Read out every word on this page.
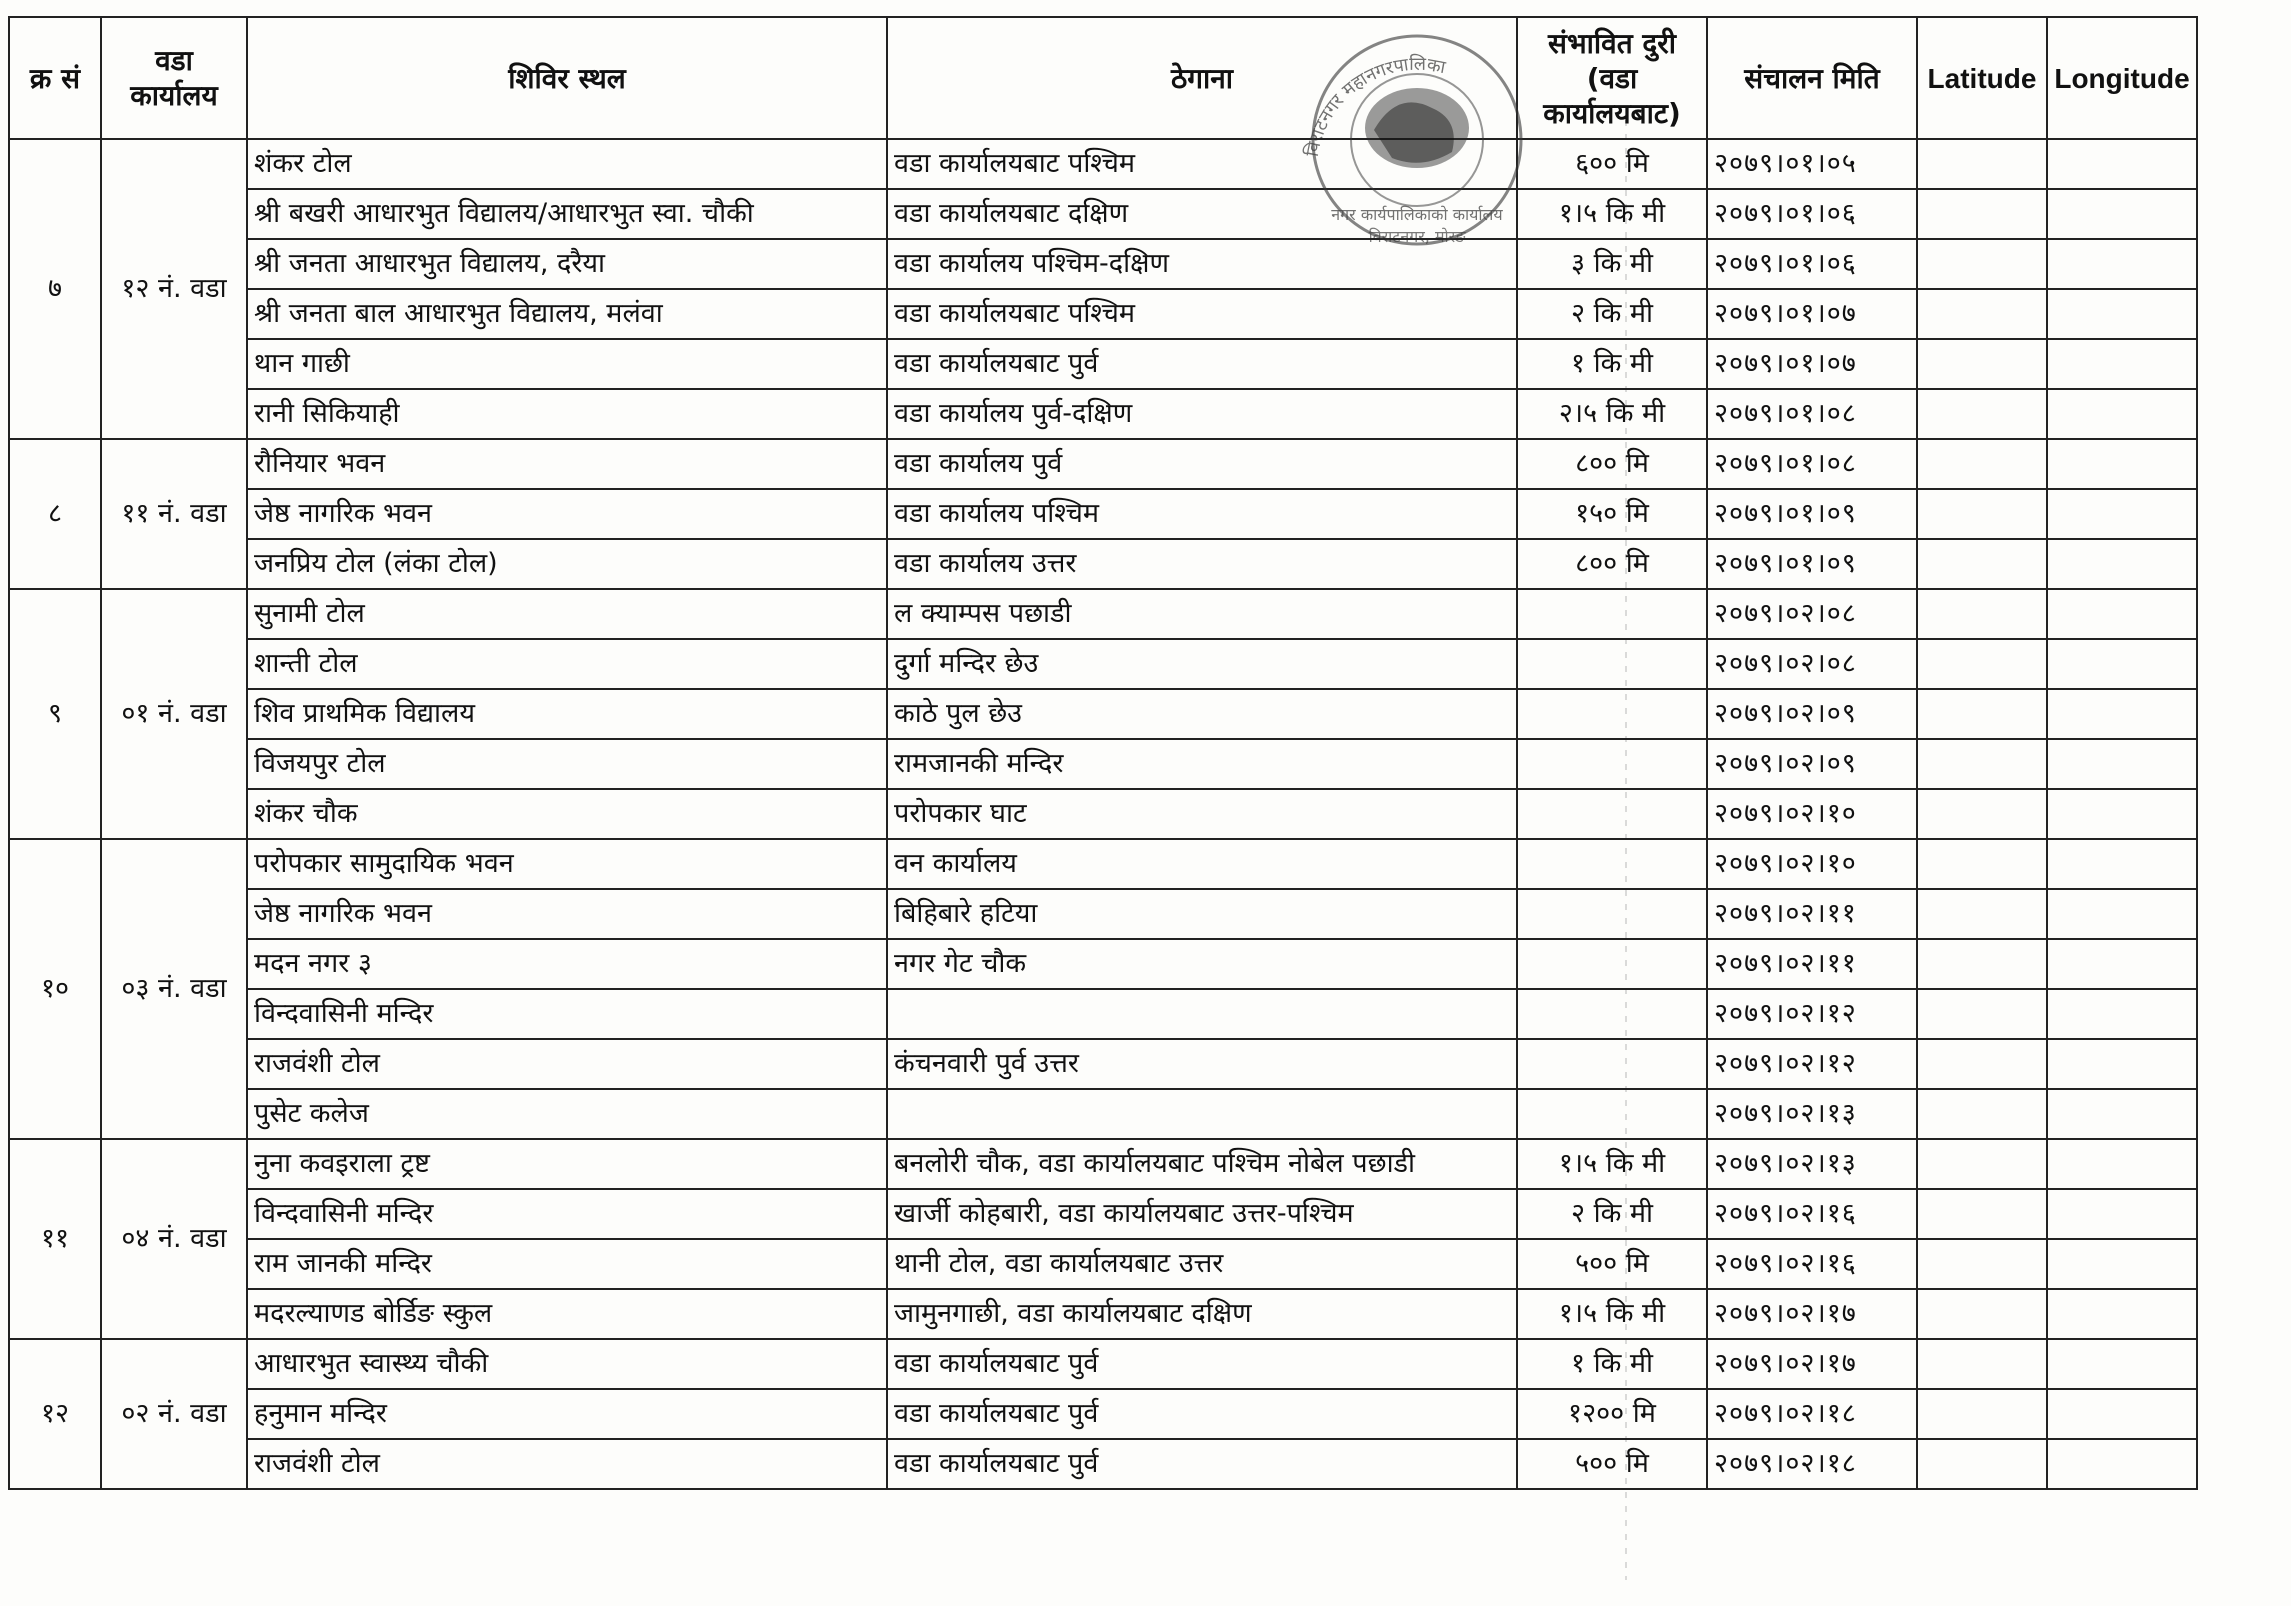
क्र सं	वडा कार्यालय	शिविर स्थल	ठेगाना	संभावित दुरी (वडा कार्यालयबाट)	संचालन मिति	Latitude	Longitude
७	१२ नं. वडा	शंकर टोल	वडा कार्यालयबाट पश्चिम	६०० मि	२०७९।०१।०५		
		श्री बखरी आधारभुत विद्यालय/आधारभुत स्वा. चौकी	वडा कार्यालयबाट दक्षिण	१।५ कि मी	२०७९।०१।०६		
		श्री जनता आधारभुत विद्यालय, दरैया	वडा कार्यालय पश्चिम-दक्षिण	३ कि मी	२०७९।०१।०६		
		श्री जनता बाल आधारभुत विद्यालय, मलंवा	वडा कार्यालयबाट पश्चिम	२ कि मी	२०७९।०१।०७		
		थान गाछी	वडा कार्यालयबाट पुर्व	१ कि मी	२०७९।०१।०७		
		रानी सिकियाही	वडा कार्यालय पुर्व-दक्षिण	२।५ कि मी	२०७९।०१।०८		
८	११ नं. वडा	रौनियार भवन	वडा कार्यालय पुर्व	८०० मि	२०७९।०१।०८		
		जेष्ठ नागरिक भवन	वडा कार्यालय पश्चिम	१५० मि	२०७९।०१।०९		
		जनप्रिय टोल (लंका टोल)	वडा कार्यालय उत्तर	८०० मि	२०७९।०१।०९		
९	०१ नं. वडा	सुनामी टोल	ल क्याम्पस पछाडी		२०७९।०२।०८		
		शान्ती टोल	दुर्गा मन्दिर छेउ		२०७९।०२।०८		
		शिव प्राथमिक विद्यालय	काठे पुल छेउ		२०७९।०२।०९		
		विजयपुर टोल	रामजानकी मन्दिर		२०७९।०२।०९		
		शंकर चौक	परोपकार घाट		२०७९।०२।१०		
१०	०३ नं. वडा	परोपकार सामुदायिक भवन	वन कार्यालय		२०७९।०२।१०		
		जेष्ठ नागरिक भवन	बिहिबारे हटिया		२०७९।०२।११		
		मदन नगर ३	नगर गेट चौक		२०७९।०२।११		
		विन्दवासिनी मन्दिर			२०७९।०२।१२		
		राजवंशी टोल	कंचनवारी पुर्व उत्तर		२०७९।०२।१२		
		पुसेट कलेज			२०७९।०२।१३		
११	०४ नं. वडा	नुना कवइराला ट्रष्ट	बनलोरी चौक, वडा कार्यालयबाट पश्चिम नोबेल पछाडी	१।५ कि मी	२०७९।०२।१३		
		विन्दवासिनी मन्दिर	खार्जी कोहबारी, वडा कार्यालयबाट उत्तर-पश्चिम	२ कि मी	२०७९।०२।१६		
		राम जानकी मन्दिर	थानी टोल, वडा कार्यालयबाट उत्तर	५०० मि	२०७९।०२।१६		
		मदरल्याणड बोर्डिङ स्कुल	जामुनगाछी, वडा कार्यालयबाट दक्षिण	१।५ कि मी	२०७९।०२।१७		
१२	०२ नं. वडा	आधारभुत स्वास्थ्य चौकी	वडा कार्यालयबाट पुर्व	१ कि मी	२०७९।०२।१७		
		हनुमान मन्दिर	वडा कार्यालयबाट पुर्व	१२०० मि	२०७९।०२।१८		
		राजवंशी टोल	वडा कार्यालयबाट पुर्व	५०० मि	२०७९।०२।१८		
विराटनगर महानगरपालिका
नगर कार्यपालिकाको कार्यालय
विराटनगर, मोरङ
